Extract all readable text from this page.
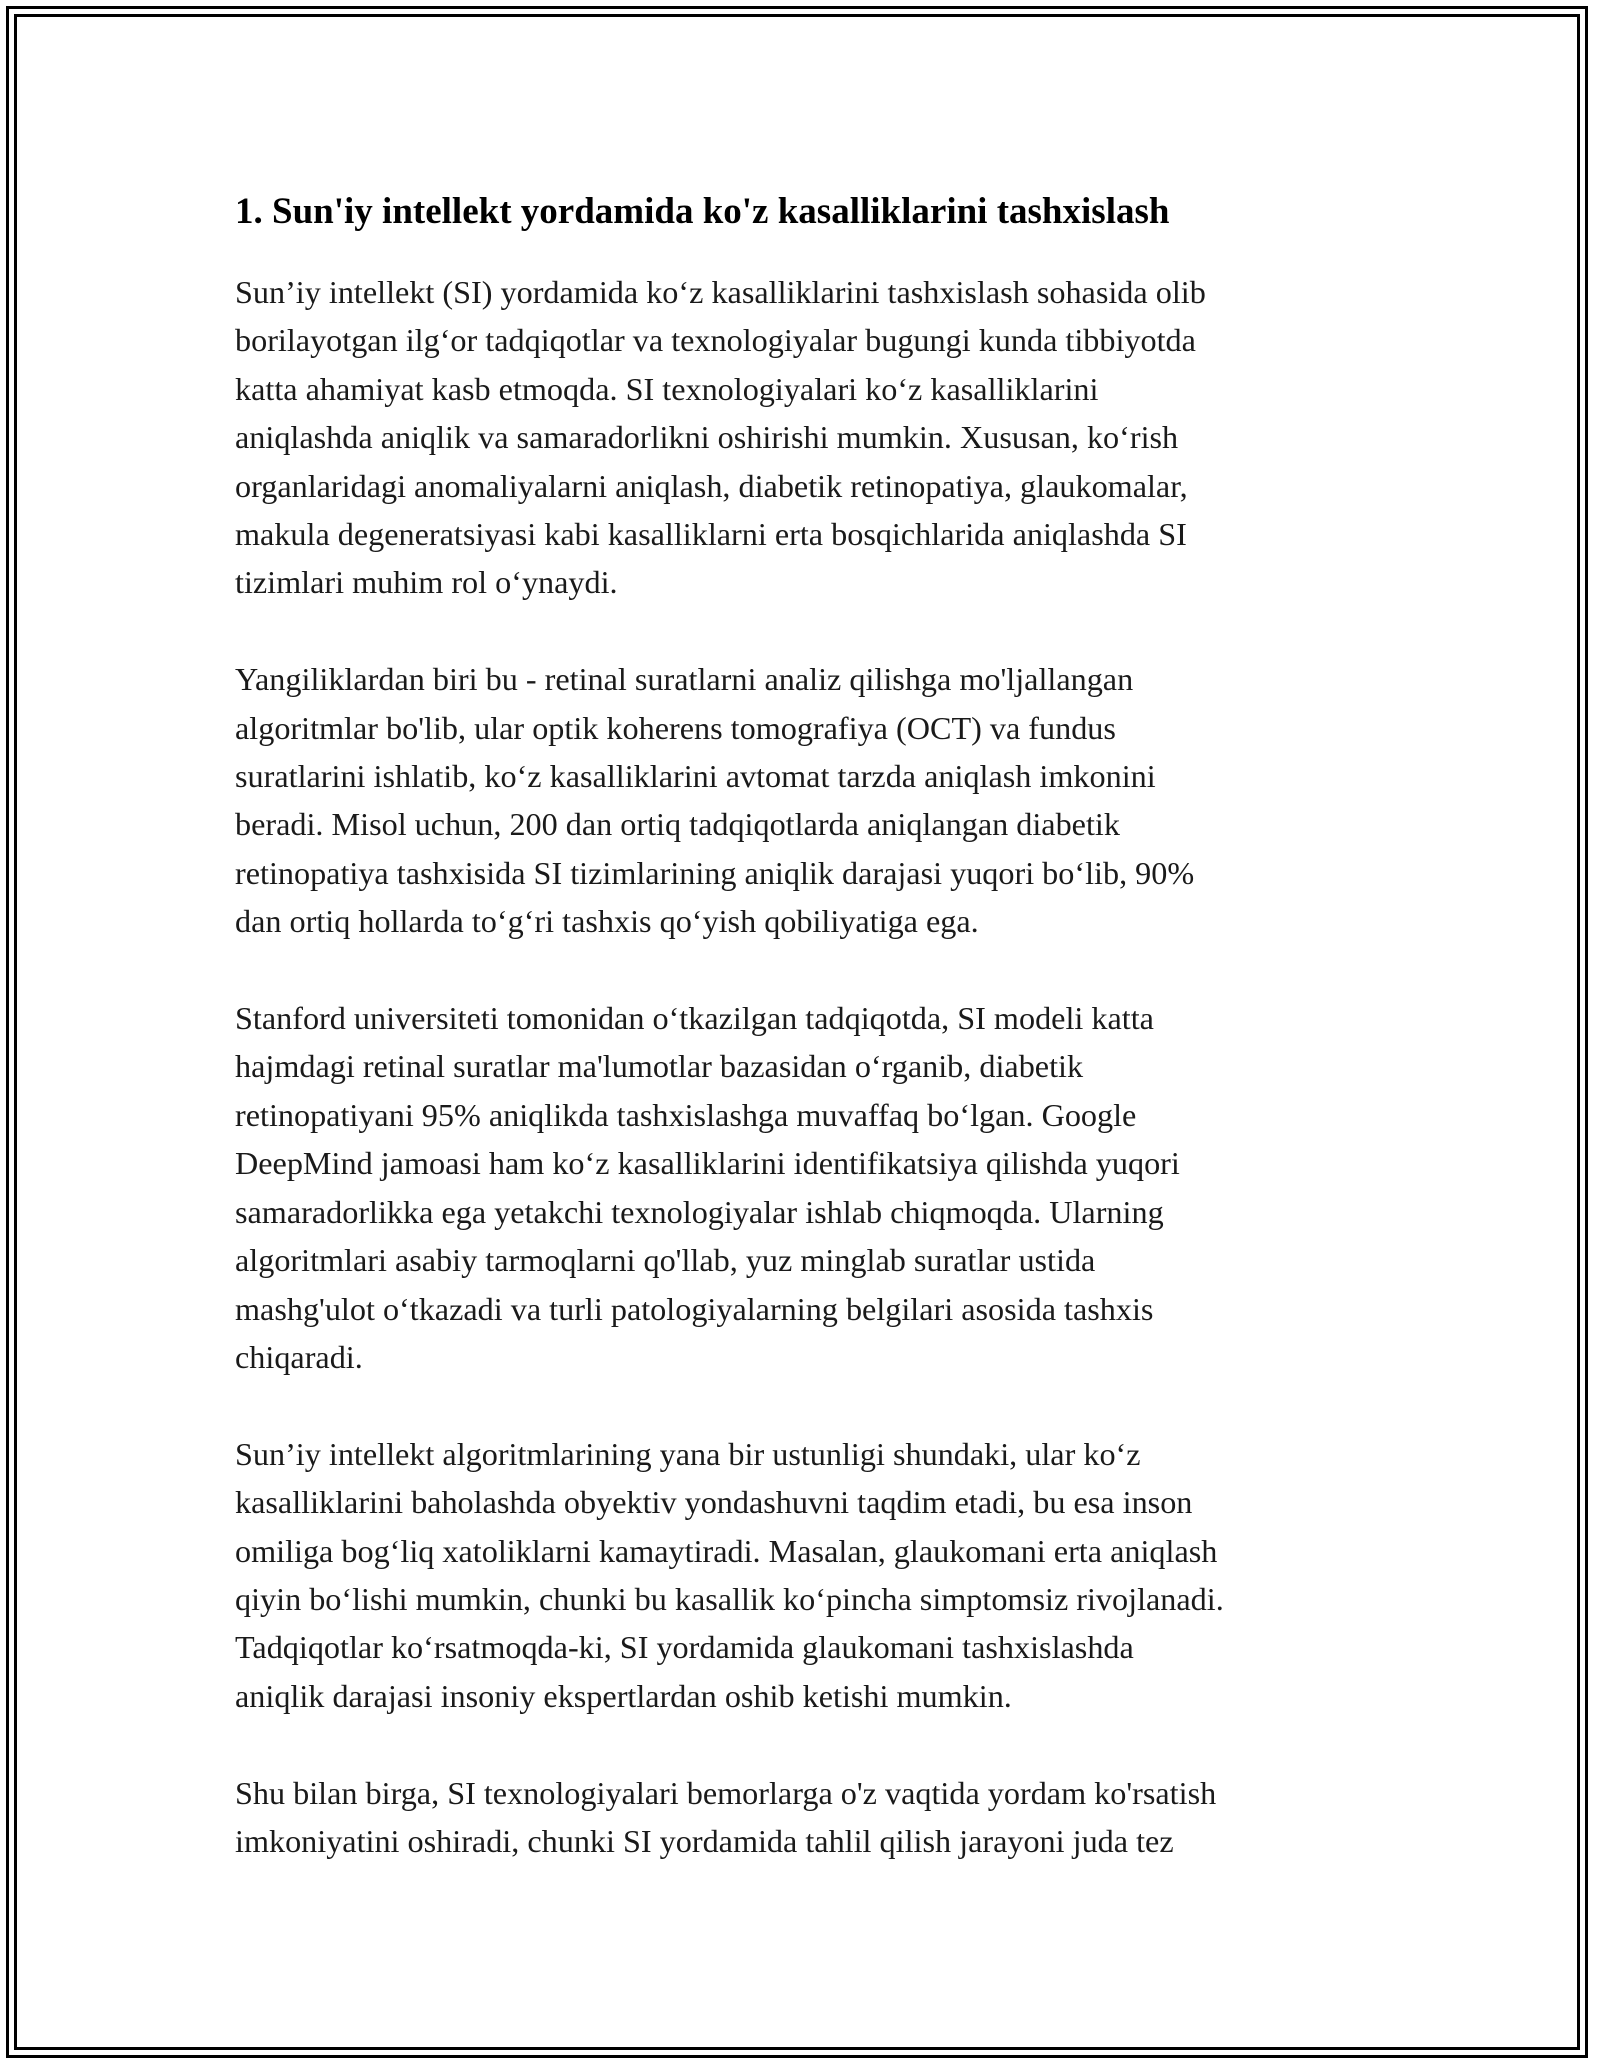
1. Sun'iy intellekt yordamida ko'z kasalliklarini tashxislash

Sun’iy intellekt (SI) yordamida ko‘z kasalliklarini tashxislash sohasida olib
borilayotgan ilg‘or tadqiqotlar va texnologiyalar bugungi kunda tibbiyotda
katta ahamiyat kasb etmoqda. SI texnologiyalari ko‘z kasalliklarini
aniqlashda aniqlik va samaradorlikni oshirishi mumkin. Xususan, ko‘rish
organlaridagi anomaliyalarni aniqlash, diabetik retinopatiya, glaukomalar,
makula degeneratsiyasi kabi kasalliklarni erta bosqichlarida aniqlashda SI
tizimlari muhim rol o‘ynaydi.

Yangiliklardan biri bu - retinal suratlarni analiz qilishga mo'ljallangan
algoritmlar bo'lib, ular optik koherens tomografiya (OCT) va fundus
suratlarini ishlatib, ko‘z kasalliklarini avtomat tarzda aniqlash imkonini
beradi. Misol uchun, 200 dan ortiq tadqiqotlarda aniqlangan diabetik
retinopatiya tashxisida SI tizimlarining aniqlik darajasi yuqori bo‘lib, 90%
dan ortiq hollarda to‘g‘ri tashxis qo‘yish qobiliyatiga ega.

Stanford universiteti tomonidan o‘tkazilgan tadqiqotda, SI modeli katta
hajmdagi retinal suratlar ma'lumotlar bazasidan o‘rganib, diabetik
retinopatiyani 95% aniqlikda tashxislashga muvaffaq bo‘lgan. Google
DeepMind jamoasi ham ko‘z kasalliklarini identifikatsiya qilishda yuqori
samaradorlikka ega yetakchi texnologiyalar ishlab chiqmoqda. Ularning
algoritmlari asabiy tarmoqlarni qo'llab, yuz minglab suratlar ustida
mashg'ulot o‘tkazadi va turli patologiyalarning belgilari asosida tashxis
chiqaradi.

Sun’iy intellekt algoritmlarining yana bir ustunligi shundaki, ular ko‘z
kasalliklarini baholashda obyektiv yondashuvni taqdim etadi, bu esa inson
omiliga bog‘liq xatoliklarni kamaytiradi. Masalan, glaukomani erta aniqlash
qiyin bo‘lishi mumkin, chunki bu kasallik ko‘pincha simptomsiz rivojlanadi.
Tadqiqotlar ko‘rsatmoqda-ki, SI yordamida glaukomani tashxislashda
aniqlik darajasi insoniy ekspertlardan oshib ketishi mumkin.

Shu bilan birga, SI texnologiyalari bemorlarga o'z vaqtida yordam ko'rsatish
imkoniyatini oshiradi, chunki SI yordamida tahlil qilish jarayoni juda tez
